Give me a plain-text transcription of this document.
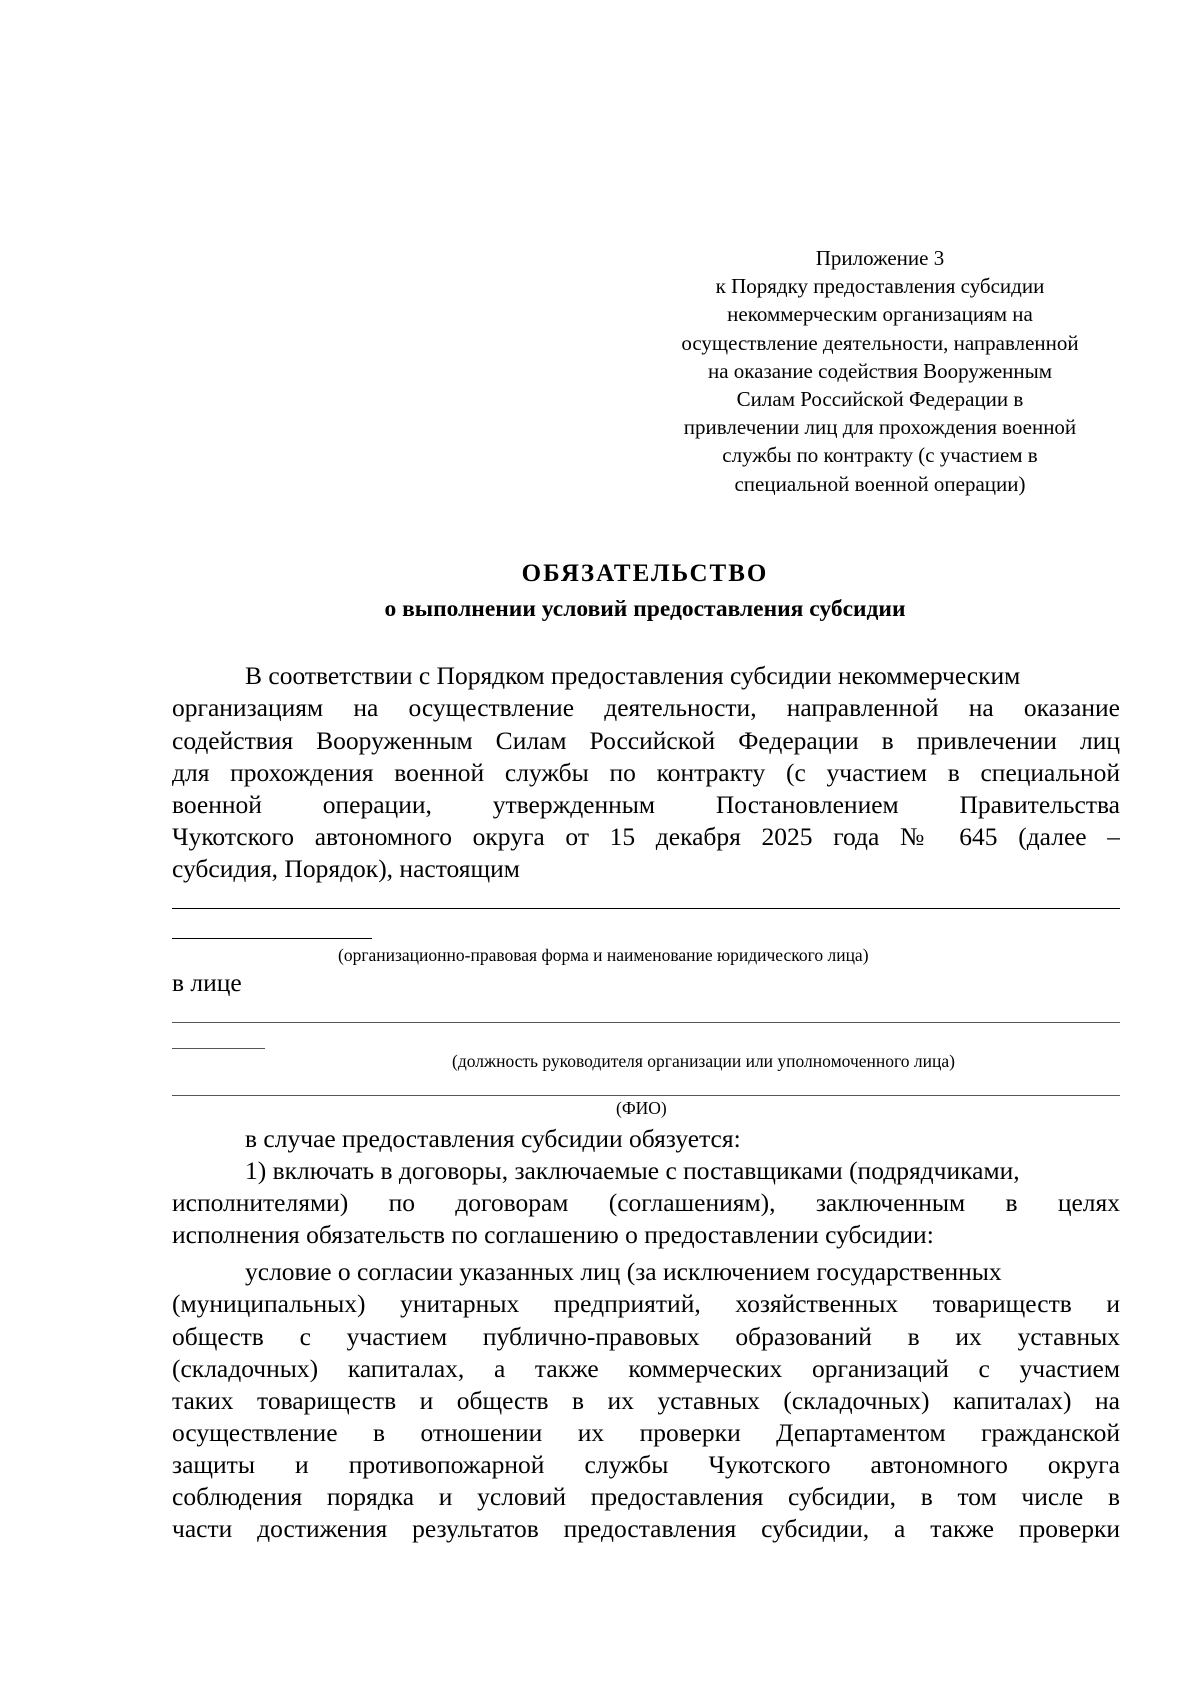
Приложение 3
к Порядку предоставления субсидии
некоммерческим организациям на
осуществление деятельности, направленной
на оказание содействия Вооруженным
Силам Российской Федерации в
привлечении лиц для прохождения военной
службы по контракту (с участием в
специальной военной операции)
ОБЯЗАТЕЛЬСТВО
о выполнении условий предоставления субсидии
В соответствии с Порядком предоставления субсидии некоммерческим
организациям на осуществление деятельности, направленной на оказание
содействия Вооруженным Силам Российской Федерации в привлечении лиц
для прохождения военной службы по контракту (с участием в специальной
военной операции, утвержденным Постановлением Правительства
Чукотского автономного округа от 15 декабря 2025 года № 645 (далее –
субсидия, Порядок), настоящим
(организационно-правовая форма и наименование юридического лица)
в лице
(должность руководителя организации или уполномоченного лица)
(ФИО)
в случае предоставления субсидии обязуется:
1) включать в договоры, заключаемые с поставщиками (подрядчиками,
исполнителями) по договорам (соглашениям), заключенным в целях
исполнения обязательств по соглашению о предоставлении субсидии:
условие о согласии указанных лиц (за исключением государственных
(муниципальных) унитарных предприятий, хозяйственных товариществ и
обществ с участием публично-правовых образований в их уставных
(складочных) капиталах, а также коммерческих организаций с участием
таких товариществ и обществ в их уставных (складочных) капиталах) на
осуществление в отношении их проверки Департаментом гражданской
защиты и противопожарной службы Чукотского автономного округа
соблюдения порядка и условий предоставления субсидии, в том числе в
части достижения результатов предоставления субсидии, а также проверки
